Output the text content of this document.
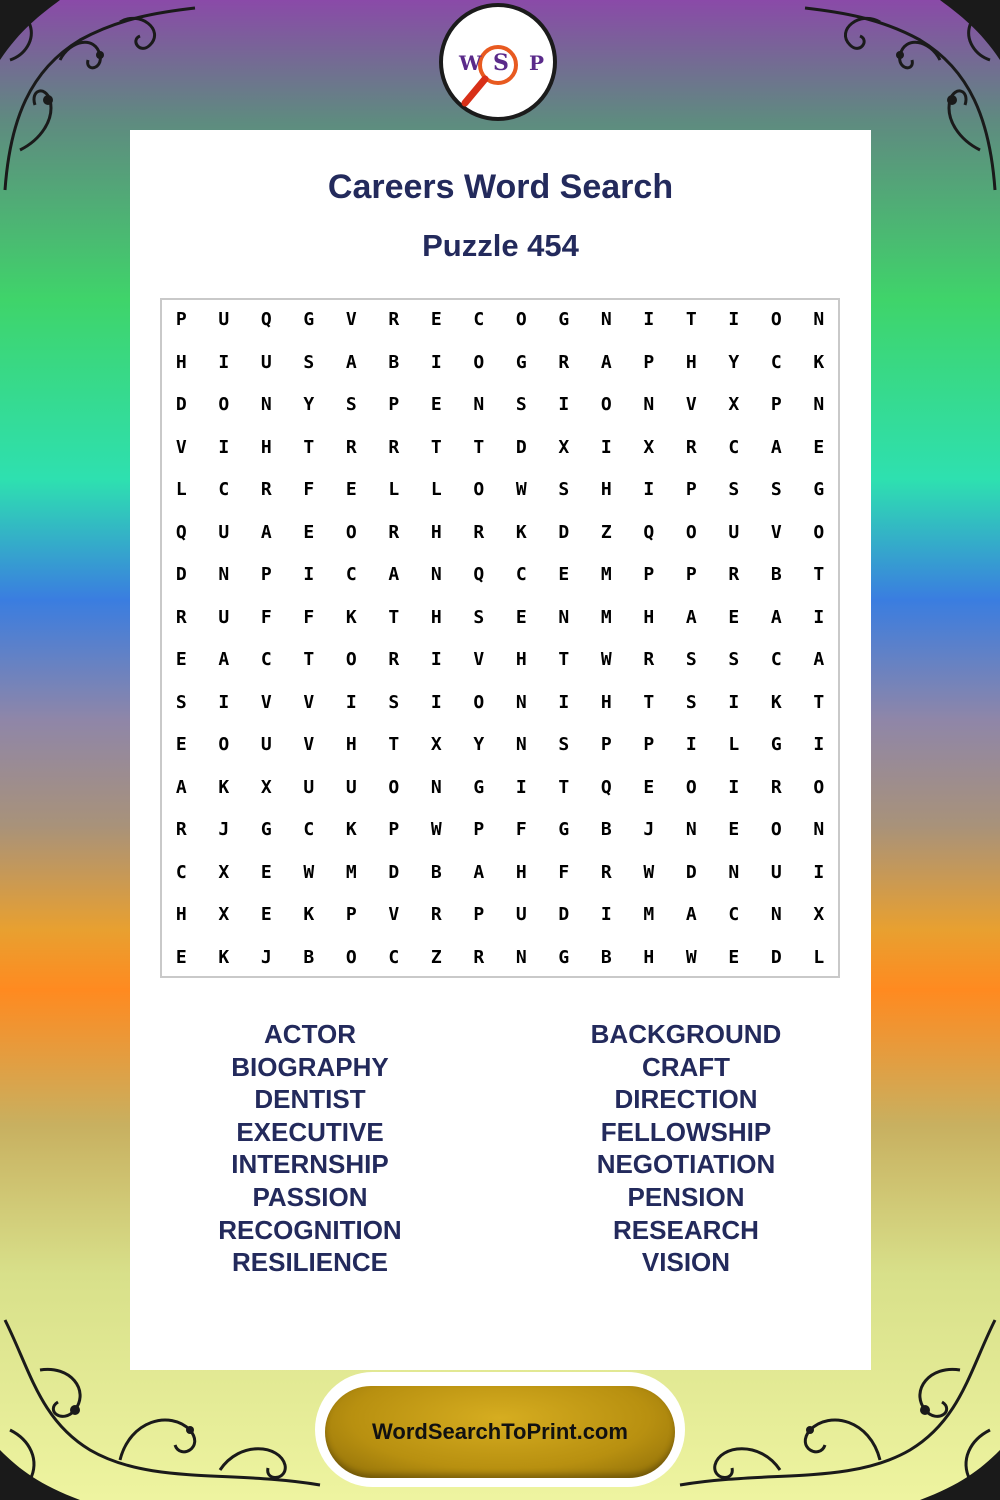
W S P
Careers Word Search
Puzzle 454
P	U	Q	G	V	R	E	C	O	G	N	I	T	I	O	N
H	I	U	S	A	B	I	O	G	R	A	P	H	Y	C	K
D	O	N	Y	S	P	E	N	S	I	O	N	V	X	P	N
V	I	H	T	R	R	T	T	D	X	I	X	R	C	A	E
L	C	R	F	E	L	L	O	W	S	H	I	P	S	S	G
Q	U	A	E	O	R	H	R	K	D	Z	Q	O	U	V	O
D	N	P	I	C	A	N	Q	C	E	M	P	P	R	B	T
R	U	F	F	K	T	H	S	E	N	M	H	A	E	A	I
E	A	C	T	O	R	I	V	H	T	W	R	S	S	C	A
S	I	V	V	I	S	I	O	N	I	H	T	S	I	K	T
E	O	U	V	H	T	X	Y	N	S	P	P	I	L	G	I
A	K	X	U	U	O	N	G	I	T	Q	E	O	I	R	O
R	J	G	C	K	P	W	P	F	G	B	J	N	E	O	N
C	X	E	W	M	D	B	A	H	F	R	W	D	N	U	I
H	X	E	K	P	V	R	P	U	D	I	M	A	C	N	X
E	K	J	B	O	C	Z	R	N	G	B	H	W	E	D	L
ACTOR
BIOGRAPHY
DENTIST
EXECUTIVE
INTERNSHIP
PASSION
RECOGNITION
RESILIENCE
BACKGROUND
CRAFT
DIRECTION
FELLOWSHIP
NEGOTIATION
PENSION
RESEARCH
VISION
WordSearchToPrint.com
